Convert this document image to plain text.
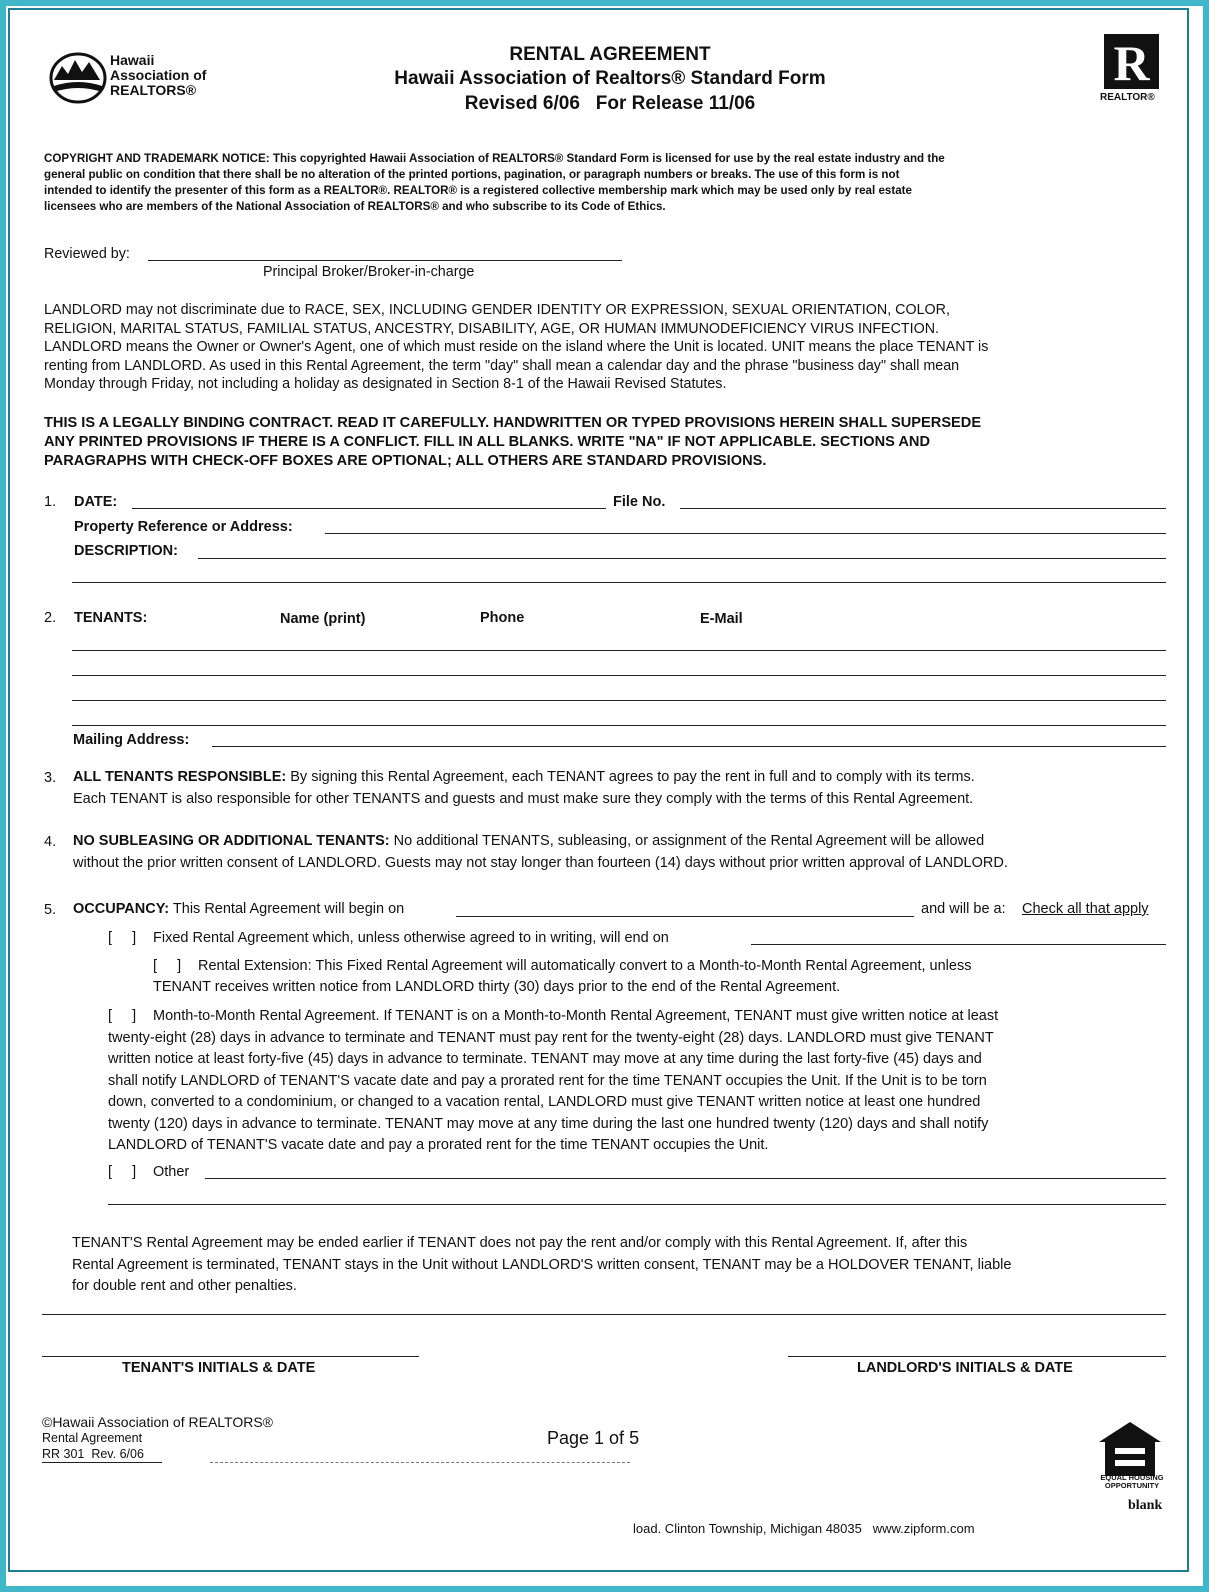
Hawaii
Association of
REALTORS®
RENTAL AGREEMENT
Hawaii Association of Realtors® Standard Form
Revised 6/06   For Release 11/06
R
REALTOR®
COPYRIGHT AND TRADEMARK NOTICE: This copyrighted Hawaii Association of REALTORS® Standard Form is licensed for use by the real estate industry and the
general public on condition that there shall be no alteration of the printed portions, pagination, or paragraph numbers or breaks. The use of this form is not
intended to identify the presenter of this form as a REALTOR®. REALTOR® is a registered collective membership mark which may be used only by real estate
licensees who are members of the National Association of REALTORS® and who subscribe to its Code of Ethics.
Reviewed by:
Principal Broker/Broker-in-charge
LANDLORD may not discriminate due to RACE, SEX, INCLUDING GENDER IDENTITY OR EXPRESSION, SEXUAL ORIENTATION, COLOR,
RELIGION, MARITAL STATUS, FAMILIAL STATUS, ANCESTRY, DISABILITY, AGE, OR HUMAN IMMUNODEFICIENCY VIRUS INFECTION.
LANDLORD means the Owner or Owner's Agent, one of which must reside on the island where the Unit is located. UNIT means the place TENANT is
renting from LANDLORD. As used in this Rental Agreement, the term "day" shall mean a calendar day and the phrase "business day" shall mean
Monday through Friday, not including a holiday as designated in Section 8-1 of the Hawaii Revised Statutes.
THIS IS A LEGALLY BINDING CONTRACT. READ IT CAREFULLY. HANDWRITTEN OR TYPED PROVISIONS HEREIN SHALL SUPERSEDE
ANY PRINTED PROVISIONS IF THERE IS A CONFLICT. FILL IN ALL BLANKS. WRITE "NA" IF NOT APPLICABLE. SECTIONS AND
PARAGRAPHS WITH CHECK-OFF BOXES ARE OPTIONAL; ALL OTHERS ARE STANDARD PROVISIONS.
1. DATE:	File No.
Property Reference or Address:
DESCRIPTION:
2. TENANTS:	Name (print)	Phone	E-Mail
Mailing Address:
3. ALL TENANTS RESPONSIBLE: By signing this Rental Agreement, each TENANT agrees to pay the rent in full and to comply with its terms.
Each TENANT is also responsible for other TENANTS and guests and must make sure they comply with the terms of this Rental Agreement.
4. NO SUBLEASING OR ADDITIONAL TENANTS: No additional TENANTS, subleasing, or assignment of the Rental Agreement will be allowed
without the prior written consent of LANDLORD. Guests may not stay longer than fourteen (14) days without prior written approval of LANDLORD.
5. OCCUPANCY: This Rental Agreement will begin on	and will be a: Check all that apply
[     ] Fixed Rental Agreement which, unless otherwise agreed to in writing, will end on
[     ] Rental Extension: This Fixed Rental Agreement will automatically convert to a Month-to-Month Rental Agreement, unless
TENANT receives written notice from LANDLORD thirty (30) days prior to the end of the Rental Agreement.
[     ]	Month-to-Month Rental Agreement. If TENANT is on a Month-to-Month Rental Agreement, TENANT must give written notice at least
twenty-eight (28) days in advance to terminate and TENANT must pay rent for the twenty-eight (28) days. LANDLORD must give TENANT
written notice at least forty-five (45) days in advance to terminate. TENANT may move at any time during the last forty-five (45) days and
shall notify LANDLORD of TENANT'S vacate date and pay a prorated rent for the time TENANT occupies the Unit. If the Unit is to be torn
down, converted to a condominium, or changed to a vacation rental, LANDLORD must give TENANT written notice at least one hundred
twenty (120) days in advance to terminate. TENANT may move at any time during the last one hundred twenty (120) days and shall notify
LANDLORD of TENANT'S vacate date and pay a prorated rent for the time TENANT occupies the Unit.
[     ] Other
TENANT'S Rental Agreement may be ended earlier if TENANT does not pay the rent and/or comply with this Rental Agreement. If, after this
Rental Agreement is terminated, TENANT stays in the Unit without LANDLORD'S written consent, TENANT may be a HOLDOVER TENANT, liable
for double rent and other penalties.
TENANT'S INITIALS & DATE	LANDLORD'S INITIALS & DATE
©Hawaii Association of REALTORS®
Rental Agreement
RR 301  Rev. 6/06
Page 1 of 5
EQUAL HOUSING OPPORTUNITY
blank
load. Clinton Township, Michigan 48035   www.zipform.com
